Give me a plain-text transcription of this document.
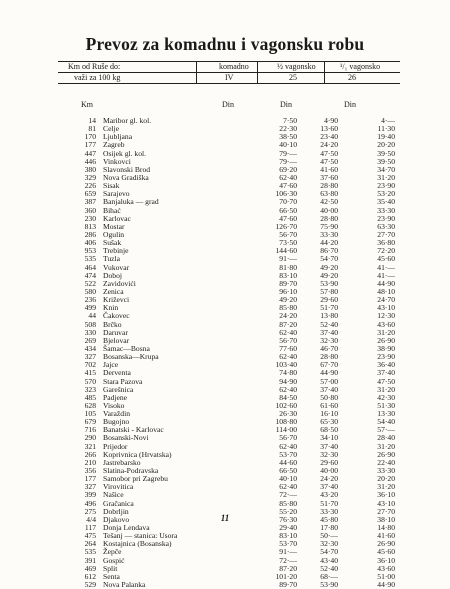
Prevoz za komadnu i vagonsku robu
Km od Ruše do:	komadno	½ vagonsko	¹/₁ vagonsko
važi za 100 kg	IV	25	26
Km	Din	Din	Din
14 Maribor gl. kol.	7·50	4·90	4·—
81 Celje	22·30	13·60	11·30
170 Ljubljana	38·50	23·40	19·40
177 Zagreb	40·10	24·20	20·20
447 Osijek gl. kol.	79·—	47·50	39·50
446 Vinkovci	79·—	47·50	39·50
380 Slavonski Brod	69·20	41·60	34·70
329 Nova Gradiška	62·40	37·60	31·20
226 Sisak	47·60	28·80	23·90
659 Sarajevo	106·30	63·80	53·20
387 Banjaluka — grad	70·70	42·50	35·40
360 Bihać	66·50	40·00	33·30
230 Karlovac	47·60	28·80	23·90
813 Mostar	126·70	75·90	63·30
286 Ogulin	56·70	33·30	27·70
406 Sušak	73·50	44·20	36·80
953 Trebinje	144·60	86·70	72·20
535 Tuzla	91·—	54·70	45·60
464 Vukovar	81·80	49·20	41·—
474 Doboj	83·10	49·20	41·—
522 Zavidovići	89·70	53·90	44·90
580 Zenica	96·10	57·80	48·10
236 Križevci	49·20	29·60	24·70
499 Knin	85·80	51·70	43·10
44 Čakovec	24·20	13·80	12·30
508 Brčko	87·20	52·40	43·60
330 Daruvar	62·40	37·40	31·20
269 Bjelovar	56·70	32·30	26·90
434 Šamac—Bosna	77·60	46·70	38·90
327 Bosanska—Krupa	62·40	28·80	23·90
702 Jajce	103·40	67·70	36·40
415 Derventa	74·80	44·90	37·40
570 Stara Pazova	94·90	57·00	47·50
323 Garešnica	62·40	37·40	31·20
485 Padjene	84·50	50·80	42·30
628 Visoko	102·60	61·60	51·30
105 Varaždin	26·30	16·10	13·30
679 Bugojno	108·80	65·30	54·40
716 Banatski - Karlovac	114·00	68·50	57·—
290 Bosanski-Novi	56·70	34·10	28·40
321 Prijedor	62·40	37·40	31·20
266 Koprivnica (Hrvatska)	53·70	32·30	26·90
210 Jastrebarsko	44·60	29·60	22·40
356 Slatina-Podravska	66·50	40·00	33·30
177 Samobor pri Zagrebu	40·10	24·20	20·20
327 Virovitica	62·40	37·40	31·20
399 Našice	72·—	43·20	36·10
496 Gračanica	85·80	51·70	43·10
275 Dobrljin	55·20	33·30	27·70
4/4 Djakovo	76·30	45·80	38·10
117 Donja Lendava	29·40	17·80	14·80
475 Tešanj — stanica: Usora	83·10	50·—	41·60
264 Kostajnica (Bosanska)	53·70	32·30	26·90
535 Žepče	91·—	54·70	45·60
391 Gospić	72·—	43·40	36·10
469 Split	87·20	52·40	43·60
612 Senta	101·20	68·—	51·00
529 Nova Palanka	89·70	53·90	44·90
11
